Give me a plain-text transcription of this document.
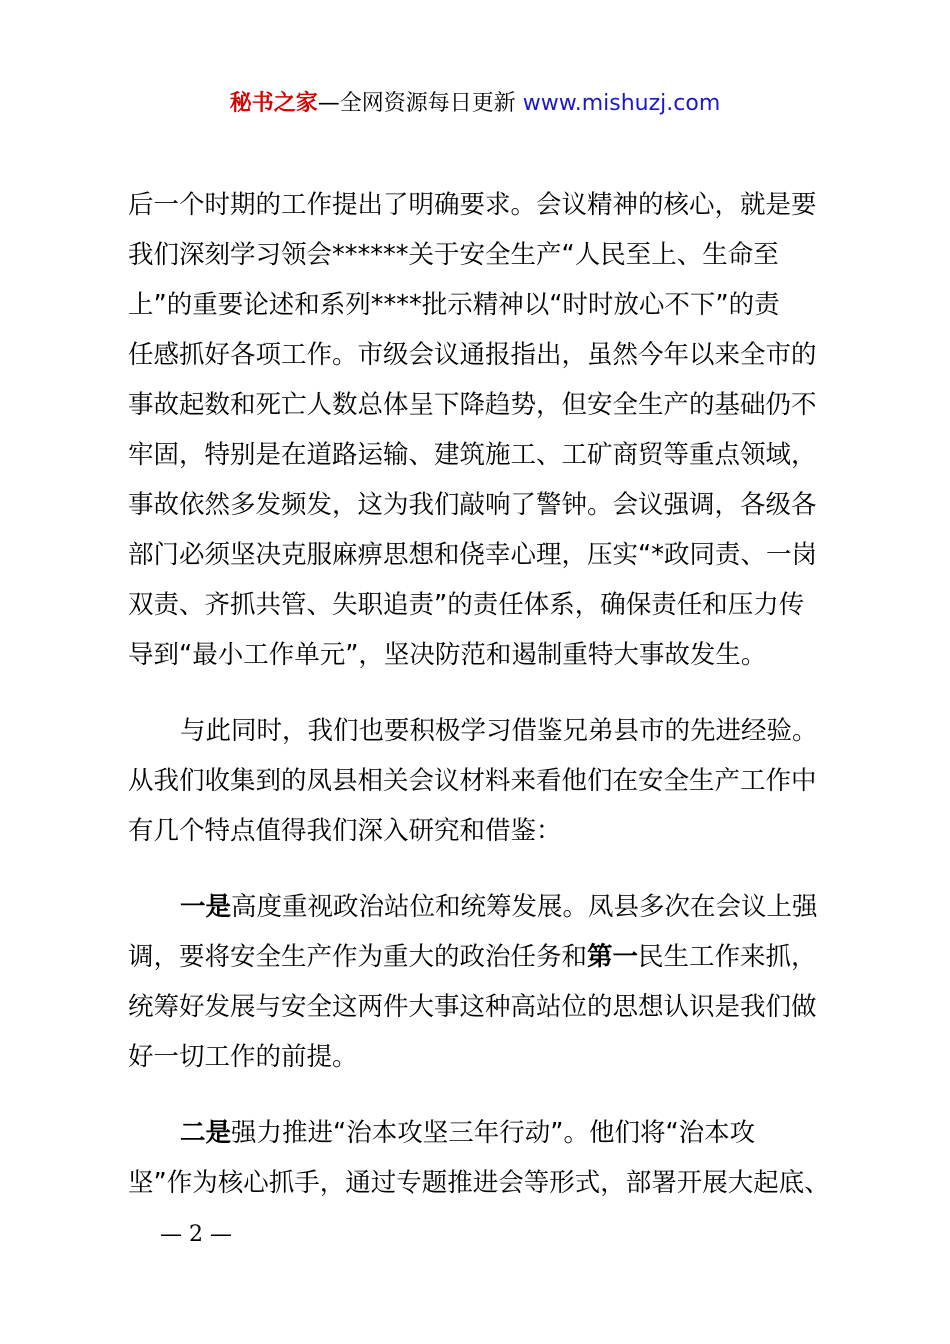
秘书之家—全网资源每日更新 www.mishuzj.com
后一个时期的工作提出了明确要求。会议精神的核心，就是要
我们深刻学习领会******关于安全生产“人民至上、生命至
上”的重要论述和系列****批示精神以“时时放心不下”的责
任感抓好各项工作。市级会议通报指出，虽然今年以来全市的
事故起数和死亡人数总体呈下降趋势，但安全生产的基础仍不
牢固，特别是在道路运输、建筑施工、工矿商贸等重点领域，
事故依然多发频发，这为我们敲响了警钟。会议强调，各级各
部门必须坚决克服麻痹思想和侥幸心理，压实“*政同责、一岗
双责、齐抓共管、失职追责”的责任体系，确保责任和压力传
导到“最小工作单元”，坚决防范和遏制重特大事故发生。
与此同时，我们也要积极学习借鉴兄弟县市的先进经验。
从我们收集到的凤县相关会议材料来看他们在安全生产工作中
有几个特点值得我们深入研究和借鉴：
一是高度重视政治站位和统筹发展。凤县多次在会议上强
调，要将安全生产作为重大的政治任务和第一民生工作来抓，
统筹好发展与安全这两件大事这种高站位的思想认识是我们做
好一切工作的前提。
二是强力推进“治本攻坚三年行动”。他们将“治本攻
坚”作为核心抓手，通过专题推进会等形式，部署开展大起底、
— 2 —
